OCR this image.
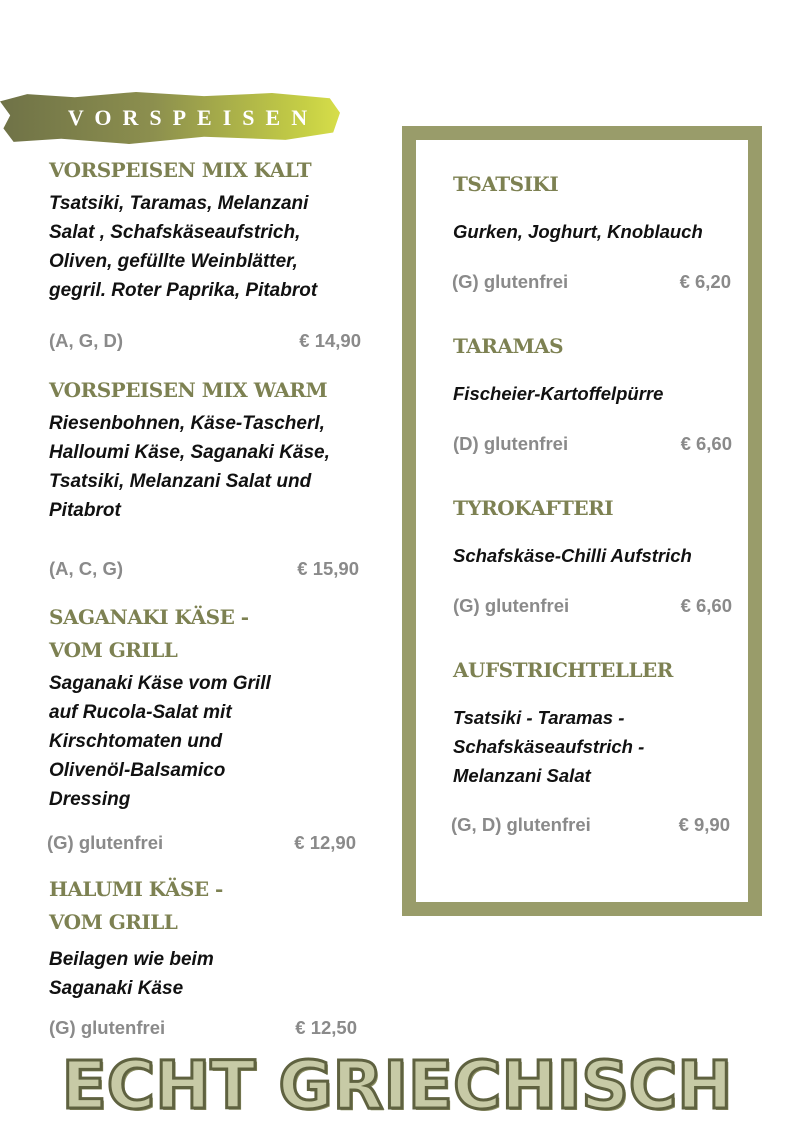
VORSPEISEN
VORSPEISEN MIX KALT
Tsatsiki, Taramas, Melanzani Salat , Schafskäseaufstrich, Oliven, gefüllte Weinblätter, gegril. Roter Paprika, Pitabrot
(A, G, D)	€ 14,90
VORSPEISEN MIX WARM
Riesenbohnen, Käse-Tascherl, Halloumi Käse, Saganaki Käse, Tsatsiki, Melanzani Salat und Pitabrot
(A, C, G)	€ 15,90
SAGANAKI KÄSE - VOM GRILL
Saganaki Käse vom Grill auf Rucola-Salat mit Kirschtomaten und Olivenöl-Balsamico Dressing
(G) glutenfrei	€ 12,90
HALUMI KÄSE - VOM GRILL
Beilagen wie beim Saganaki Käse
(G) glutenfrei	€ 12,50
TSATSIKI
Gurken, Joghurt, Knoblauch
(G) glutenfrei	€ 6,20
TARAMAS
Fischeier-Kartoffelpürre
(D) glutenfrei	€ 6,60
TYROKAFTERI
Schafskäse-Chilli Aufstrich
(G) glutenfrei	€ 6,60
AUFSTRICHTELLER
Tsatsiki - Taramas - Schafskäseaufstrich - Melanzani Salat
(G, D) glutenfrei	€ 9,90
ECHT GRIECHISCH
